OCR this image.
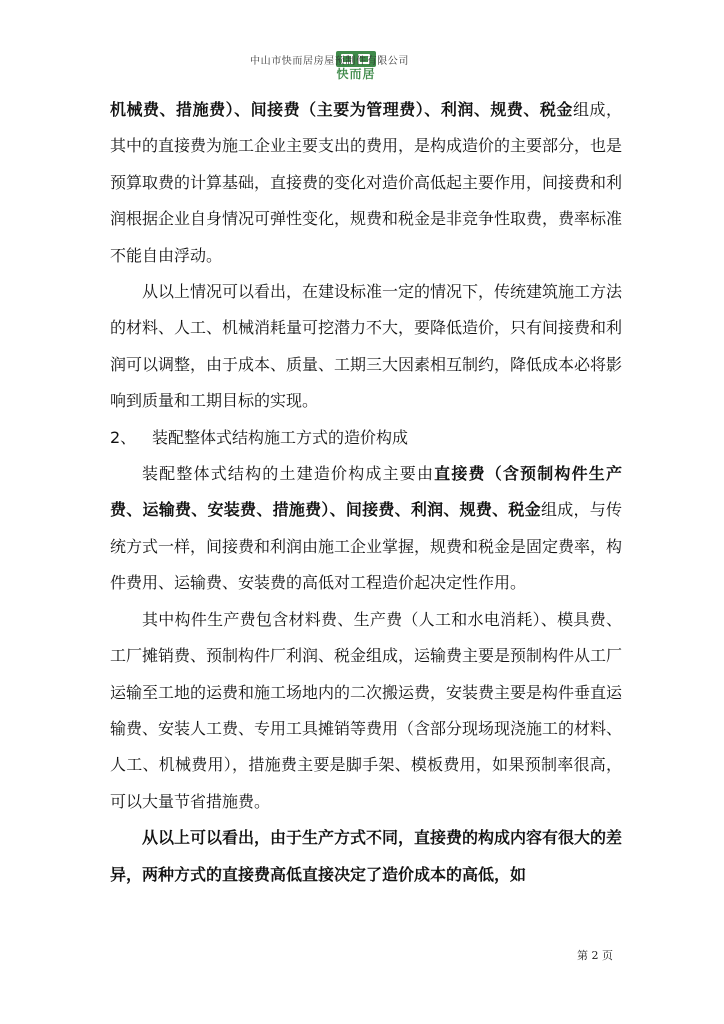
快而居
中山市快而居房屋预制件有限公司

机械费、措施费）、间接费（主要为管理费）、利润、规费、税金组成，其中的直接费为施工企业主要支出的费用，是构成造价的主要部分，也是预算取费的计算基础，直接费的变化对造价高低起主要作用，间接费和利润根据企业自身情况可弹性变化，规费和税金是非竞争性取费，费率标准不能自由浮动。

从以上情况可以看出，在建设标准一定的情况下，传统建筑施工方法的材料、人工、机械消耗量可挖潜力不大，要降低造价，只有间接费和利润可以调整，由于成本、质量、工期三大因素相互制约，降低成本必将影响到质量和工期目标的实现。

2、 装配整体式结构施工方式的造价构成

装配整体式结构的土建造价构成主要由直接费（含预制构件生产费、运输费、安装费、措施费）、间接费、利润、规费、税金组成，与传统方式一样，间接费和利润由施工企业掌握，规费和税金是固定费率，构件费用、运输费、安装费的高低对工程造价起决定性作用。

其中构件生产费包含材料费、生产费（人工和水电消耗）、模具费、工厂摊销费、预制构件厂利润、税金组成，运输费主要是预制构件从工厂运输至工地的运费和施工场地内的二次搬运费，安装费主要是构件垂直运输费、安装人工费、专用工具摊销等费用（含部分现场现浇施工的材料、人工、机械费用），措施费主要是脚手架、模板费用，如果预制率很高，可以大量节省措施费。

从以上可以看出，由于生产方式不同，直接费的构成内容有很大的差异，两种方式的直接费高低直接决定了造价成本的高低，如

第 2 页
